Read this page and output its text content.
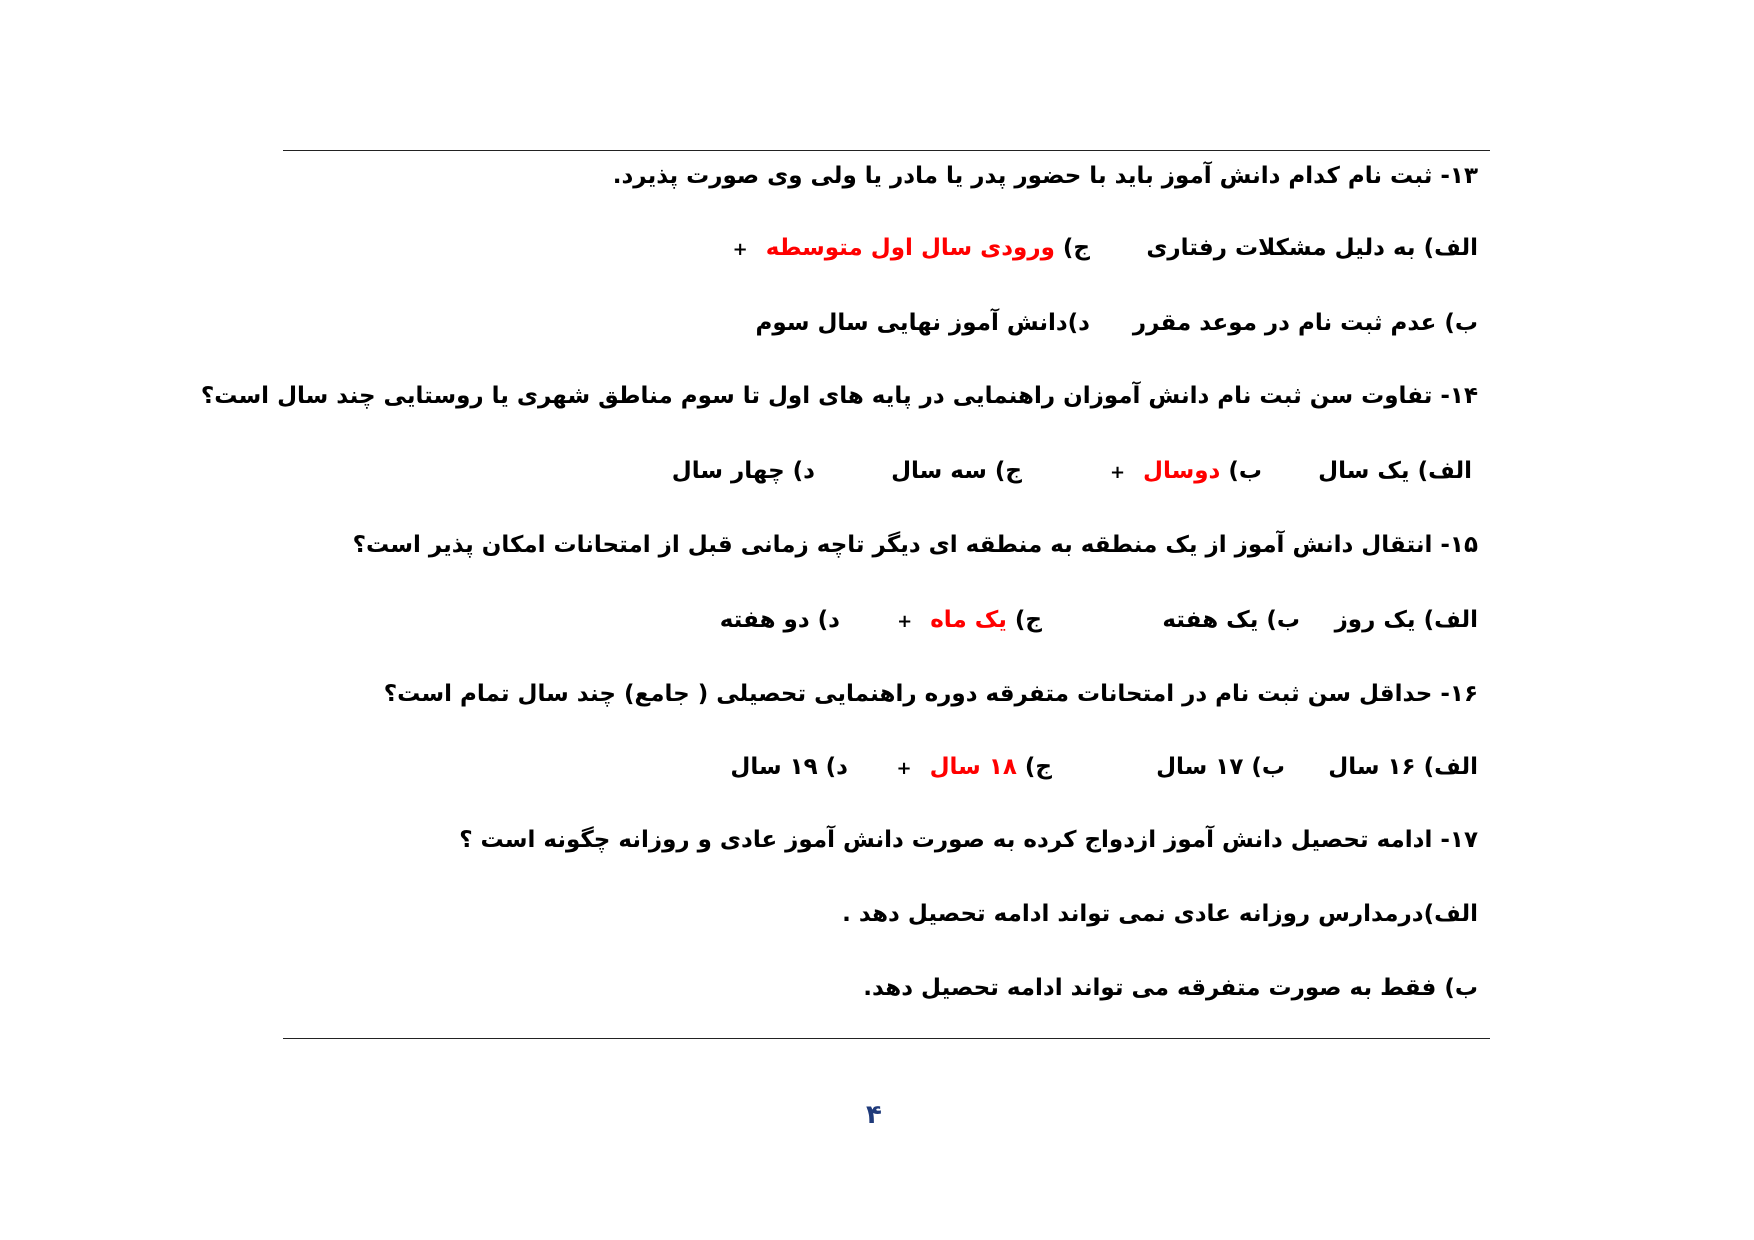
۱۳- ثبت نام کدام دانش آموز باید با حضور پدر یا مادر یا ولی وی صورت پذیرد.
الف) به دلیل مشکلات رفتاری
ج) ورودی سال اول متوسطه +
ب) عدم ثبت نام در موعد مقرر
د)دانش آموز نهایی سال سوم
۱۴- تفاوت سن ثبت نام دانش آموزان راهنمایی در پایه های اول تا سوم مناطق شهری یا روستایی چند سال است؟
الف) یک سال
ب) دوسال +
ج) سه سال
د) چهار سال
۱۵- انتقال دانش آموز از یک منطقه به منطقه ای دیگر تاچه زمانی قبل از امتحانات امکان پذیر است؟
الف) یک روز
ب) یک هفته
ج) یک ماه +
د) دو هفته
۱۶- حداقل سن ثبت نام در امتحانات متفرقه دوره راهنمایی تحصیلی ( جامع) چند سال تمام است؟
الف) ۱۶ سال
ب) ۱۷ سال
ج) ۱۸ سال +
د) ۱۹ سال
۱۷- ادامه تحصیل دانش آموز ازدواج کرده به صورت دانش آموز عادی و روزانه چگونه است ؟
الف)درمدارس روزانه عادی نمی تواند ادامه تحصیل دهد .
ب) فقط به صورت متفرقه می تواند ادامه تحصیل دهد.
۴
